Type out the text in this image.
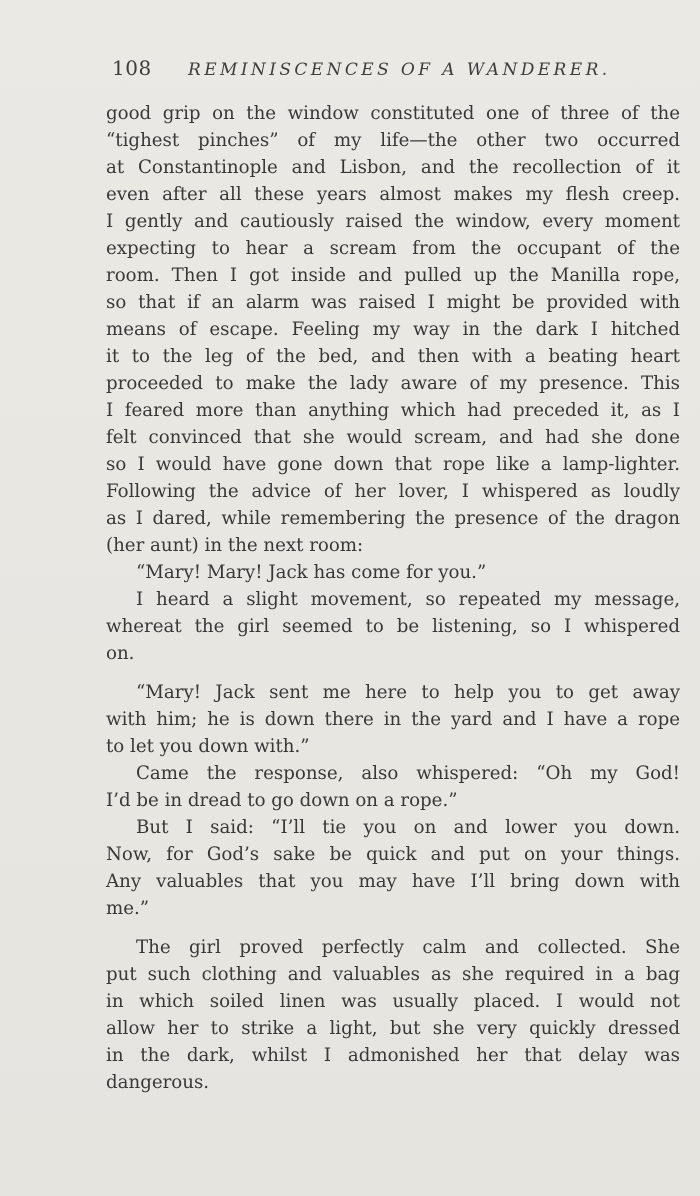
108 REMINISCENCES OF A WANDERER.
good grip on the window constituted one of three of the
“tighest pinches” of my life—the other two occurred
at Constantinople and Lisbon, and the recollection of it
even after all these years almost makes my flesh creep.
I gently and cautiously raised the window, every moment
expecting to hear a scream from the occupant of the
room. Then I got inside and pulled up the Manilla rope,
so that if an alarm was raised I might be provided with
means of escape. Feeling my way in the dark I hitched
it to the leg of the bed, and then with a beating heart
proceeded to make the lady aware of my presence. This
I feared more than anything which had preceded it, as I
felt convinced that she would scream, and had she done
so I would have gone down that rope like a lamp-lighter.
Following the advice of her lover, I whispered as loudly
as I dared, while remembering the presence of the dragon
(her aunt) in the next room:
“Mary! Mary! Jack has come for you.”
I heard a slight movement, so repeated my message,
whereat the girl seemed to be listening, so I whispered
on.
“Mary! Jack sent me here to help you to get away
with him; he is down there in the yard and I have a rope
to let you down with.”
Came the response, also whispered: “Oh my God!
I’d be in dread to go down on a rope.”
But I said: “I’ll tie you on and lower you down.
Now, for God’s sake be quick and put on your things.
Any valuables that you may have I’ll bring down with
me.”
The girl proved perfectly calm and collected. She
put such clothing and valuables as she required in a bag
in which soiled linen was usually placed. I would not
allow her to strike a light, but she very quickly dressed
in the dark, whilst I admonished her that delay was
dangerous.
